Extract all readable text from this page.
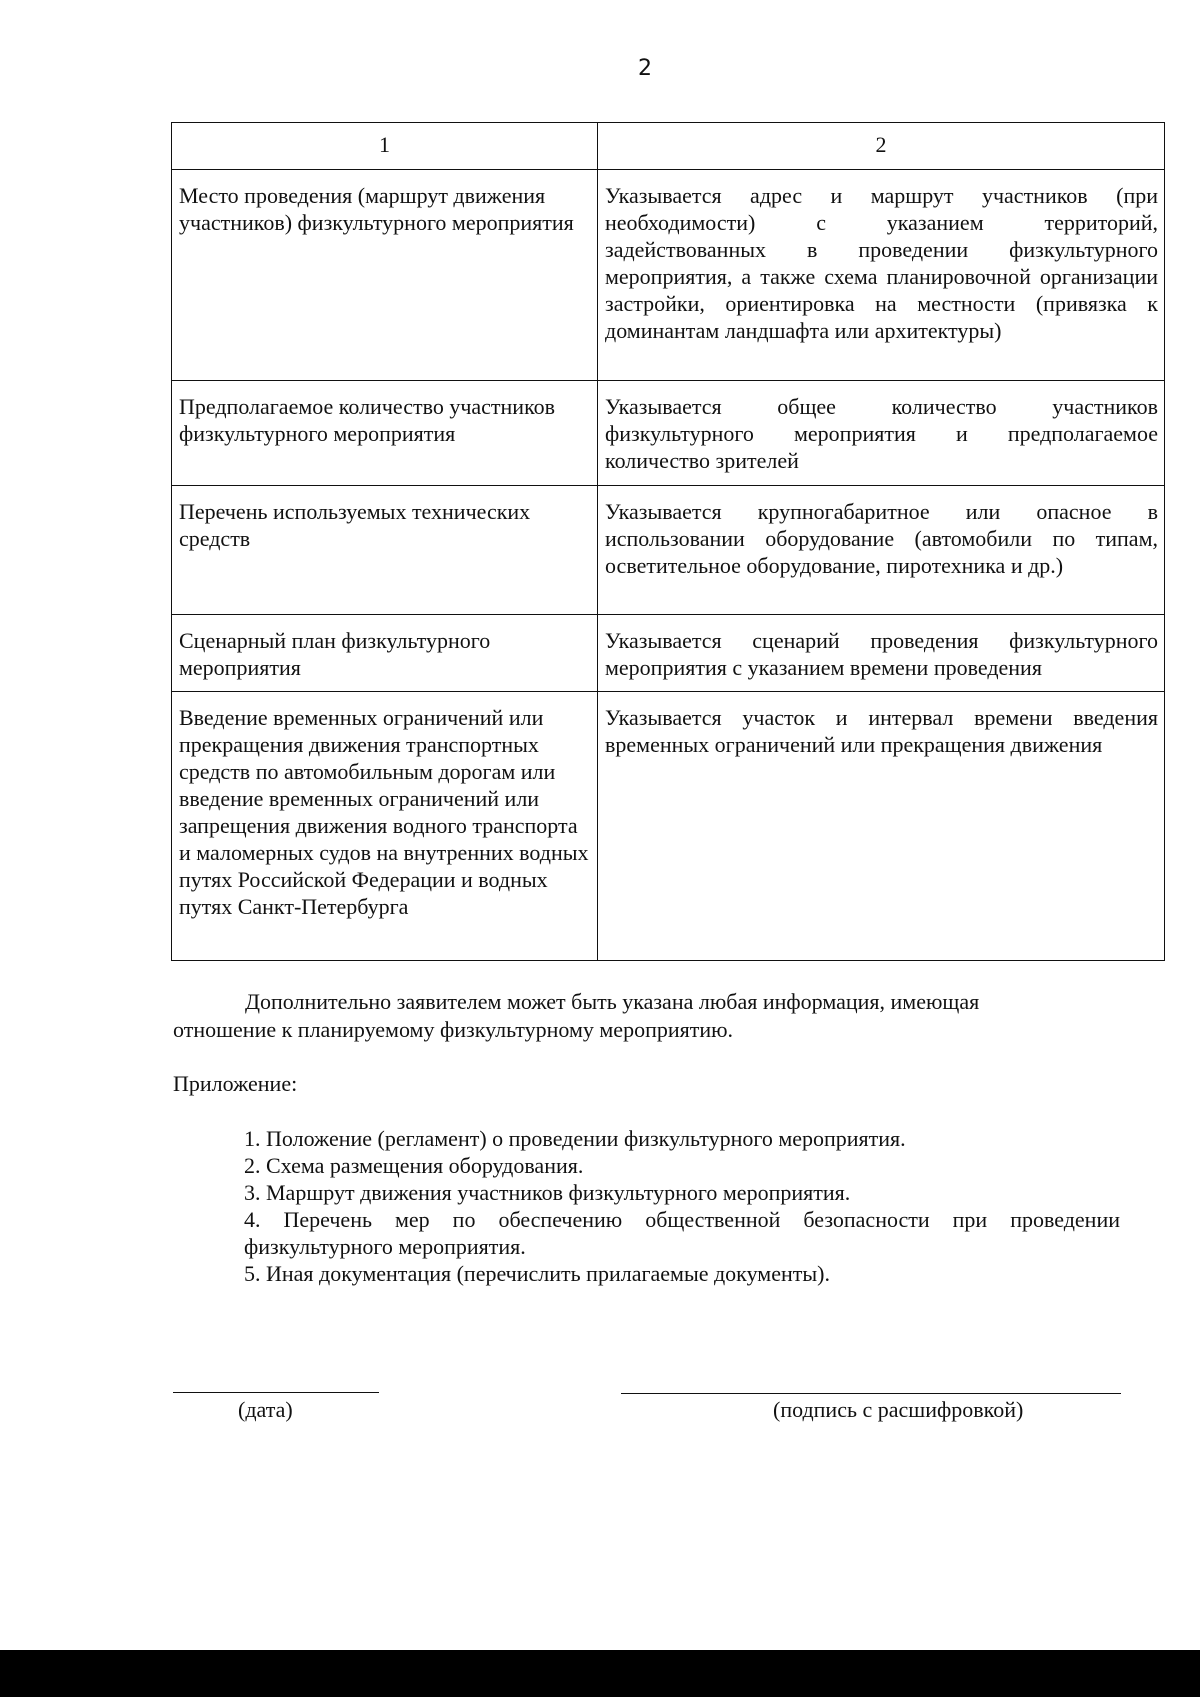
2
1	2
Место проведения (маршрут движения участников) физкультурного мероприятия	Указывается адрес и маршрут участников (при необходимости) с указанием территорий, задействованных в проведении физкультурного мероприятия, а также схема планировочной организации застройки, ориентировка на местности (привязка к доминантам ландшафта или архитектуры)
Предполагаемое количество участников физкультурного мероприятия	Указывается общее количество участников физкультурного мероприятия и предполагаемое количество зрителей
Перечень используемых технических средств	Указывается крупногабаритное или опасное в использовании оборудование (автомобили по типам, осветительное оборудование, пиротехника и др.)
Сценарный план физкультурного мероприятия	Указывается сценарий проведения физкультурного мероприятия с указанием времени проведения
Введение временных ограничений или прекращения движения транспортных средств по автомобильным дорогам или введение временных ограничений или запрещения движения водного транспорта и маломерных судов на внутренних водных путях Российской Федерации и водных путях Санкт-Петербурга	Указывается участок и интервал времени введения временных ограничений или прекращения движения
Дополнительно заявителем может быть указана любая информация, имеющая отношение к планируемому физкультурному мероприятию.
Приложение:
1. Положение (регламент) о проведении физкультурного мероприятия.
2. Схема размещения оборудования.
3. Маршрут движения участников физкультурного мероприятия.
4. Перечень мер по обеспечению общественной безопасности при проведении физкультурного мероприятия.
5. Иная документация (перечислить прилагаемые документы).
(дата)	(подпись с расшифровкой)
